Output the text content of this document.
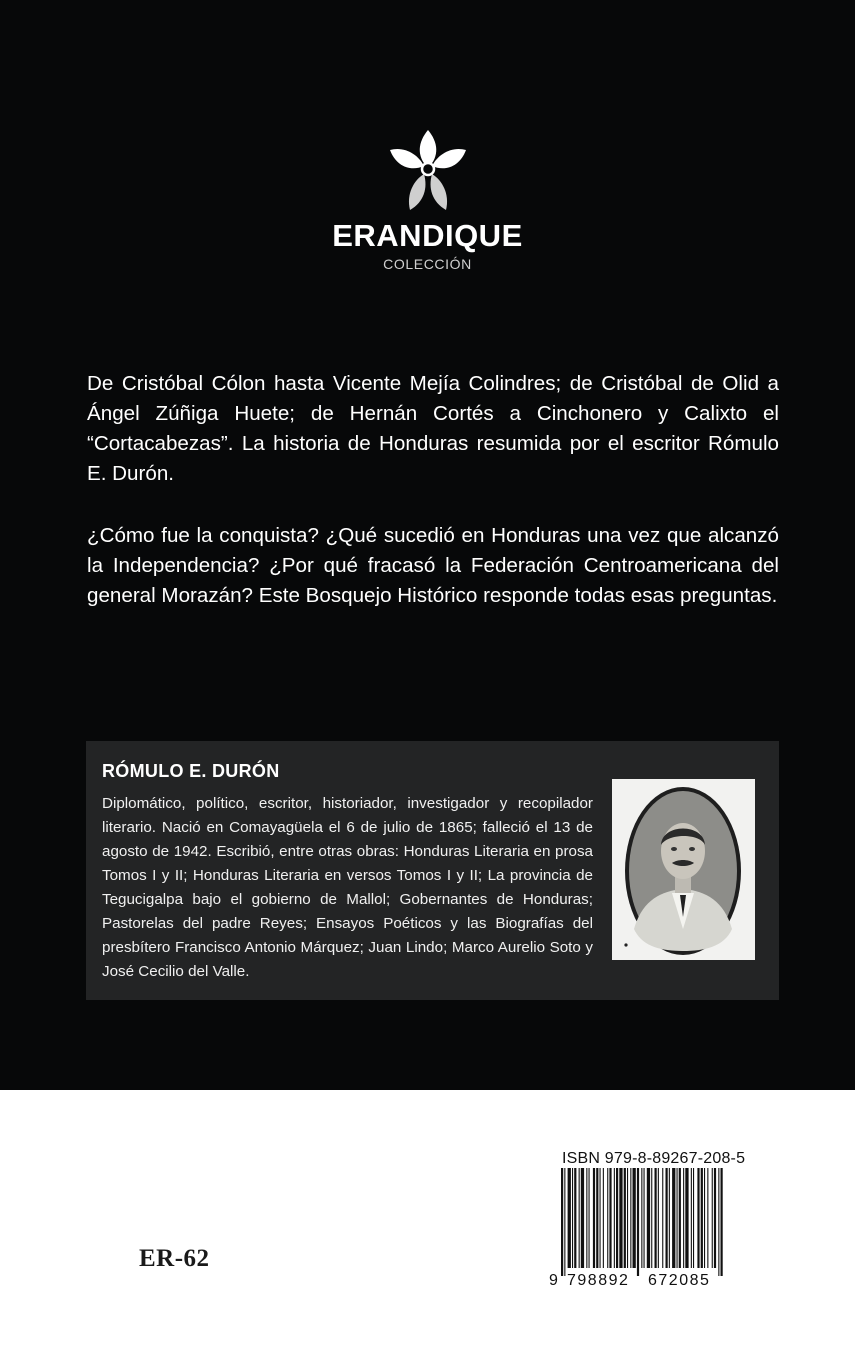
ERANDIQUE
COLECCIÓN

De Cristóbal Cólon hasta Vicente Mejía Colindres; de Cristóbal de Olid a Ángel Zúñiga Huete; de Hernán Cortés a Cinchonero y Calixto el “Cortacabezas”. La historia de Honduras resumida por el escritor Rómulo E. Durón.

¿Cómo fue la conquista? ¿Qué sucedió en Honduras una vez que alcanzó la Independencia? ¿Por qué fracasó la Federación Centroamericana del general Morazán? Este Bosquejo Histórico responde todas esas preguntas.

RÓMULO E. DURÓN

Diplomático, político, escritor, historiador, investigador y recopilador literario. Nació en Comayagüela el 6 de julio de 1865; falleció el 13 de agosto de 1942. Escribió, entre otras obras: Honduras Literaria en prosa Tomos I y II; Honduras Literaria en versos Tomos I y II; La provincia de Tegucigalpa bajo el gobierno de Mallol; Gobernantes de Honduras; Pastorelas del padre Reyes; Ensayos Poéticos y las Biografías del presbítero Francisco Antonio Márquez; Juan Lindo; Marco Aurelio Soto y José Cecilio del Valle.

ISBN 979-8-89267-208-5
9 798892 672085
ER-62
